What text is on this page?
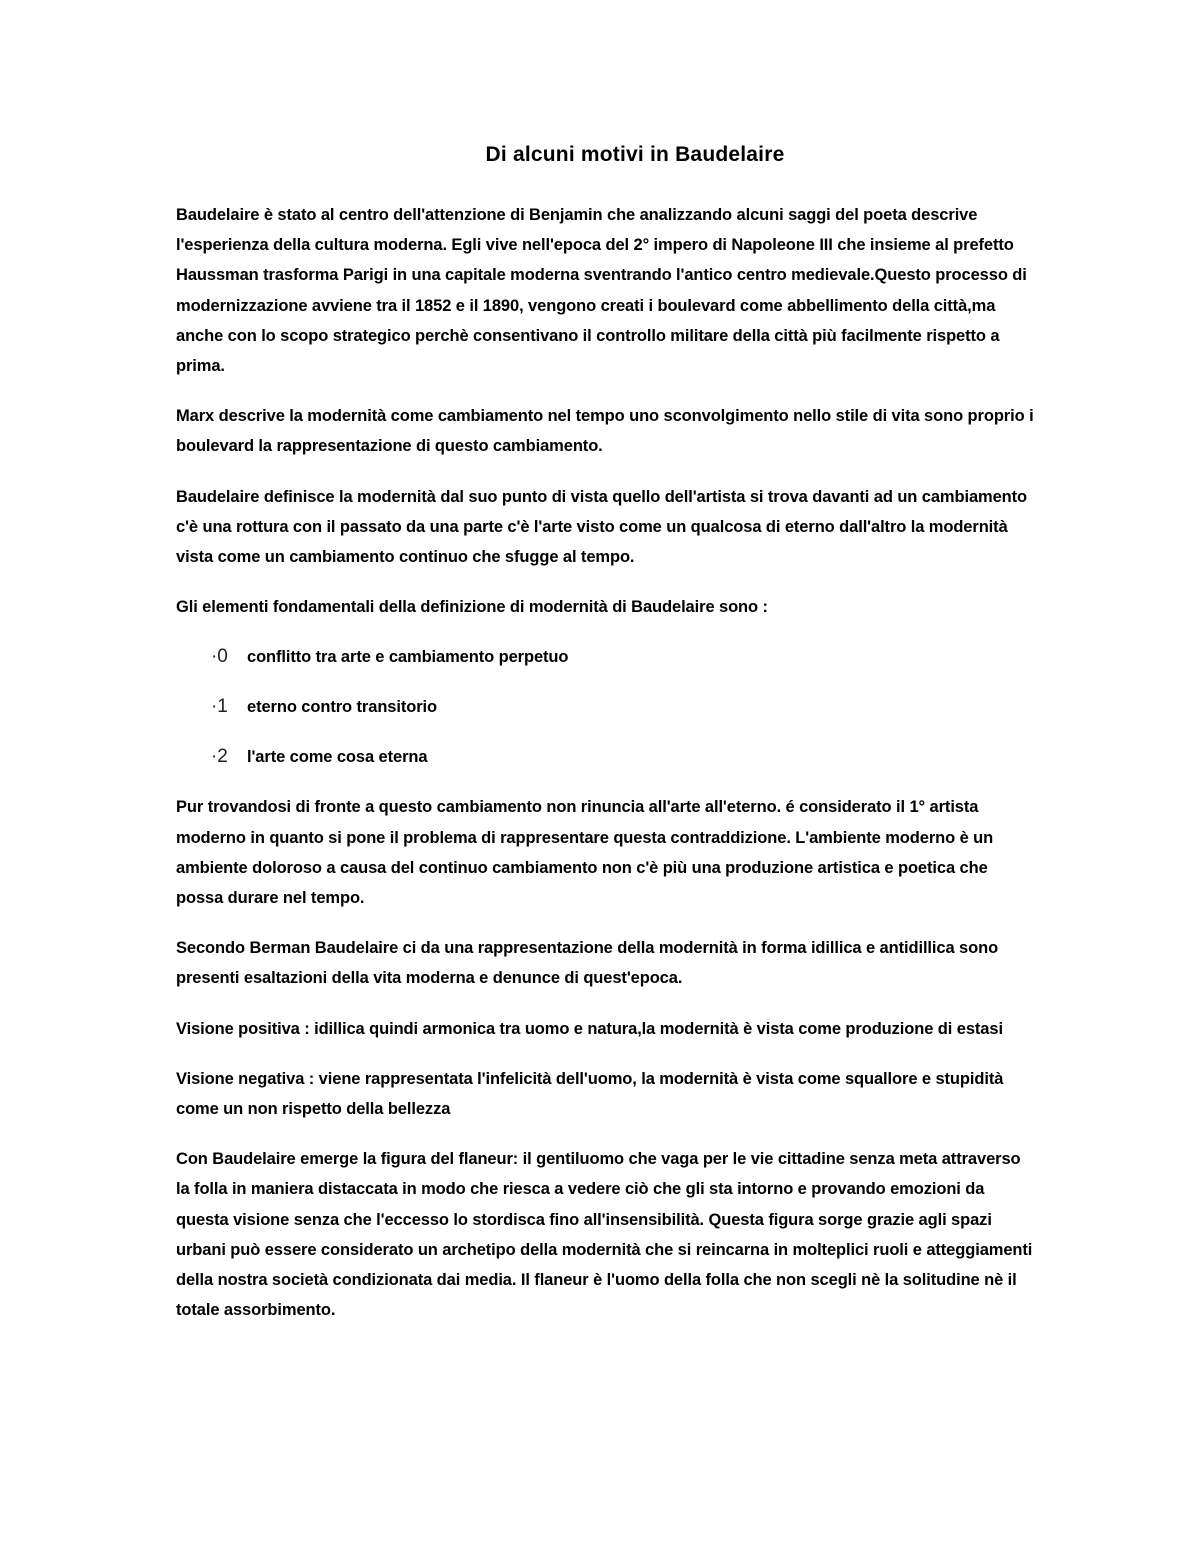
Di alcuni motivi in Baudelaire

Baudelaire è stato al centro dell'attenzione di Benjamin che analizzando alcuni saggi del poeta descrive l'esperienza della cultura moderna. Egli vive nell'epoca del 2° impero di Napoleone III che insieme al prefetto Haussman trasforma Parigi in una capitale moderna sventrando l'antico centro medievale.Questo processo di modernizzazione avviene tra il 1852 e il 1890, vengono creati i boulevard come abbellimento della città,ma anche con lo scopo strategico perchè consentivano il controllo militare della città più facilmente rispetto a prima.

Marx descrive la modernità come cambiamento nel tempo uno sconvolgimento nello stile di vita sono proprio i boulevard la rappresentazione di questo cambiamento.

Baudelaire definisce la modernità dal suo punto di vista quello dell'artista si trova davanti ad un cambiamento c'è una rottura con il passato da una parte c'è l'arte visto come un qualcosa di eterno dall'altro la modernità vista come un cambiamento continuo che sfugge al tempo.

Gli elementi fondamentali della definizione di modernità di Baudelaire sono :

·0	conflitto tra arte e cambiamento perpetuo
·1	eterno contro transitorio
·2	l'arte come cosa eterna

Pur trovandosi di fronte a questo cambiamento non rinuncia all'arte all'eterno. é considerato il 1° artista moderno in quanto si pone il problema di rappresentare questa contraddizione. L'ambiente moderno è un ambiente doloroso a causa del continuo cambiamento non c'è più una produzione artistica e poetica che possa durare nel tempo.

Secondo Berman Baudelaire ci da una rappresentazione della modernità in forma idillica e antidillica sono presenti esaltazioni della vita moderna e denunce di quest'epoca.

Visione positiva : idillica quindi armonica tra uomo e natura,la modernità è vista come produzione di estasi

Visione negativa : viene rappresentata l'infelicità dell'uomo, la modernità è vista come squallore e stupidità come un non rispetto della bellezza

Con Baudelaire emerge la figura del flaneur: il gentiluomo che vaga per le vie cittadine senza meta attraverso la folla in maniera distaccata in modo che riesca a vedere ciò che gli sta intorno e provando emozioni da questa visione senza che l'eccesso lo stordisca fino all'insensibilità. Questa figura sorge grazie agli spazi urbani può essere considerato un archetipo della modernità che si reincarna in molteplici ruoli e atteggiamenti della nostra società condizionata dai media. Il flaneur è l'uomo della folla che non scegli nè la solitudine nè il totale assorbimento.
